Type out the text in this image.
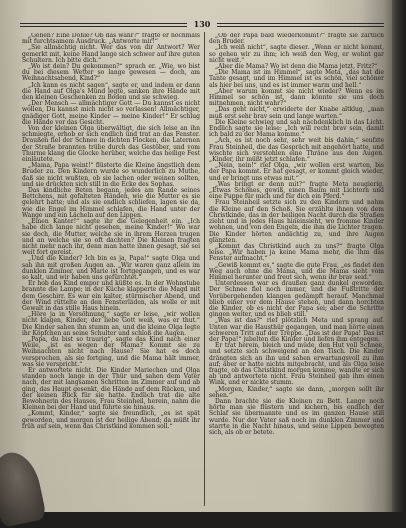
130

„Gehen? Eine Dohle? Ob das wahr?“ fragte er nochmals mit furchtsamem Ausdruck. „Antworte mir!“

„Sie allmächtig nicht. Wer das von dir Antwort? Wer gemerkt mit, keine Hand lange sich schwer auf ihre guten Schultern. Ich bitte dich.“

„Wo ist dein? Du gekommen?“ sprach er. „Wie, wo bist du bei diesem Wetter so lange gewesen — doch, am Weihnachtsabend, Kind?“

„Ich kann es nicht sagen“, sagte er, und indem er dann die Hand auf Olga's Mund legte, sanken ihre Hände mit den kleinen Geschenken zu Boden und sie schwieg.

„Der Mensch — allmächtiger Gott — Du kannst es nicht wollen, Du kannst mich nicht so verlassen! Allmächtiger, gnädiger Gott, meine Kinder — meine Kinder!“ Er schlug die Hände vor das Gesicht.

Von der kleinen Olga überwältigt, die sich leise an ihn schmiegte, erhob er sich endlich und trat an das Fenster. Draußen fiel der Schnee in dichten Flocken, die Laternen der Straße brannten trübe durch das Gestöber, und vom Thurme klang die Glocke herüber, welche das heilige Fest einläutete.

„Mama, Papa weint!“ flüsterte die Kleine ängstlich dem Bruder zu. Den Kindern wurde so wunderlich zu Muthe, daß sie nicht wußten, ob sie lachen oder weinen sollten, und sie drückten sich still in die Ecke des Sophas.

Das kindliche Beten begann, jedes am Rande seines Bettchens, mit gefalteten Händen, wie die Mutter es sie gelehrt hatte; und als sie endlich schliefen, lagen sie da, wie die Engel im Himmel schlafen, die Hand unter der Wange und ein Lächeln auf den Lippen.

„Einen Kanter!“ sagte ihr die Gelegenheit ein. „Ich habe dich lange nicht gesehen, meine Kinder!“ Wo war sie doch, die Mutter, welche sie in ihrem Herzen trugen und an welche sie so oft dachten? Die Kleinen fragten nicht mehr nach ihr, denn man hatte ihnen gesagt, sie sei weit fort gereist.

„Und die Kinder? Ich bin es ja, Papa!“ sagte Olga und sah ihn mit großen Augen an. „Wir waren ganz allein im dunklen Zimmer, und Marie ist fortgegangen, und es war so kalt, und wir haben uns gefürchtet.“

Er hob das Kind empor und küßte es. In der Wohnstube brannte die Lampe; in der Küche klapperte die Magd mit dem Geschirr. Es war ein kalter, stürmischer Abend, und der Wind rüttelte an den Fensterläden, als wolle er mit Gewalt in das stille Haus hinein.

„Höre ja in Versöhnung,“ sagte er leise, „wir wollen nicht klagen, Kinder, der liebe Gott weiß, was er thut.“ Die Kinder sahen ihn stumm an, und die kleine Olga legte ihr Köpfchen an seine Schulter und schloß die Augen.

„Papa, du bist so traurig“, sagte das Kind nach einer Weile, „ist es wegen der Mama? Kommt sie zu Weihnachten nicht nach Hause? Sie hat es doch versprochen, als sie fortging, und die Mama hält immer, was sie verspricht.“

Er antwortete nicht. Die Kinder Mariechen und Olga standen noch lange in der Thür und sahen dem Vater nach, der mit langsamen Schritten im Zimmer auf und ab ging, das Haupt gesenkt, die Hände auf dem Rücken, und der keinen Blick für sie hatte. Endlich trat die alte Bewohnerin des Hauses, Frau Steinheil, herein, nahm die Kleinen bei der Hand und führte sie hinaus.

„Kommt, Kinder,“ sagte sie freundlich, „es ist spät geworden, und morgen ist der heilige Abend; da müßt ihr früh auf sein, wenn das Christkind kommen soll.“

„Ob der Papa bald wiederkommt?“ fragte sie zärtlich den Bruder.

„Ich weiß nicht“, sagte dieser. „Wenn er nicht kommt, so gehen wir zu ihm; ich weiß den Weg, er wohnt gar nicht weit.“

„Aber die Mama? Wo ist denn die Mama jetzt, Fritz?“

„Die Mama ist im Himmel“, sagte Meta, „das hat die Tante gesagt, und im Himmel ist es schön, viel schöner als hier bei uns, und es ist immer warm und hell.“

„Aber warum kommt sie nicht wieder? Wenn es im Himmel so schön ist, dann könnte sie uns doch mitnehmen, nicht wahr?“

„Das geht nicht,“ erwiderte der Knabe altklug, „man muß erst sehr brav sein und lange warten.“

Die Kleine schwieg und sah nachdenklich in das Licht. Endlich sagte sie leise: „Ich will recht brav sein, damit ich bald zu der Mama komme.“

„Ach, es ist noch sehr, sehr weit bis dahin,“ seufzte Frau Steinheil, die das Gespräch mit angehört hatte, und wischte sich verstohlen eine Thräne aus den Augen. „Kinder, ihr müßt jetzt schlafen.“

„Nein, nein!“ rief Olga, „wir wollen erst warten, bis der Papa kommt. Er hat gesagt, er kommt gleich wieder, und er bringt uns etwas mit.“

„Was bringt er denn mit?“ fragte Meta neugierig. „Etwas Schönes, gewiß, einen Baum mit Lichtern und eine Puppe für mich und für dich ein Pferd.“

Frau Steinheil setzte sich zu den Kindern und nahm die Kleine auf den Schoß. Sie erzählte ihnen von dem Christkinde, das in der heiligen Nacht durch die Straßen zieht und in jedes Haus hineinsieht, wo fromme Kinder wohnen, und von den Engeln, die ihm die Lichter tragen. Die Kinder hörten andächtig zu, und ihre Augen glänzten.

„Kommt das Christkind auch zu uns?“ fragte Olga leise. „Wir haben ja keine Mama mehr, die ihm das Fenster aufmacht.“

„Gewiß kommt es,“ sagte die gute Frau, „es findet den Weg auch ohne die Mama, und die Mama sieht vom Himmel herunter und freut sich, wenn ihr brav seid.“

Unterdessen war es draußen ganz dunkel geworden. Der Schnee fiel noch immer, und die Fußtritte der Vorübergehenden klangen gedämpft herauf. Manchmal blieb einer vor dem Hause stehen, und dann horchten die Kinder, ob es nicht der Papa sei; aber die Schritte gingen weiter, und es blieb still.

„Was ist das?“ rief plötzlich Meta und sprang auf. Unten war die Hausthür gegangen, und man hörte einen schweren Tritt auf der Treppe. „Das ist der Papa! Das ist der Papa!“ jubelten die Kinder und liefen ihm entgegen.

Er trat herein, bleich und müde, den Hut voll Schnee, und setzte sich schweigend an den Tisch. Die Kinder drängten sich an ihn und sahen erwartungsvoll zu ihm auf; aber er hatte nichts mitgebracht, und als Olga leise fragte, ob das Christkind morgen komme, wandte er sich ab und antwortete nicht. Frau Steinheil gab ihm einen Wink, und er nickte stumm.

„Morgen, Kinder,“ sagte sie dann, „morgen sollt ihr sehen.“

Dann brachte sie die Kleinen zu Bett. Lange noch hörte man sie flüstern und kichern, bis endlich der Schlaf sie übermannte und es im ganzen Hause still wurde. Nur der Vater saß noch im dunklen Zimmer und starrte in die Nacht hinaus, und seine Lippen bewegten sich, als ob er betete.
